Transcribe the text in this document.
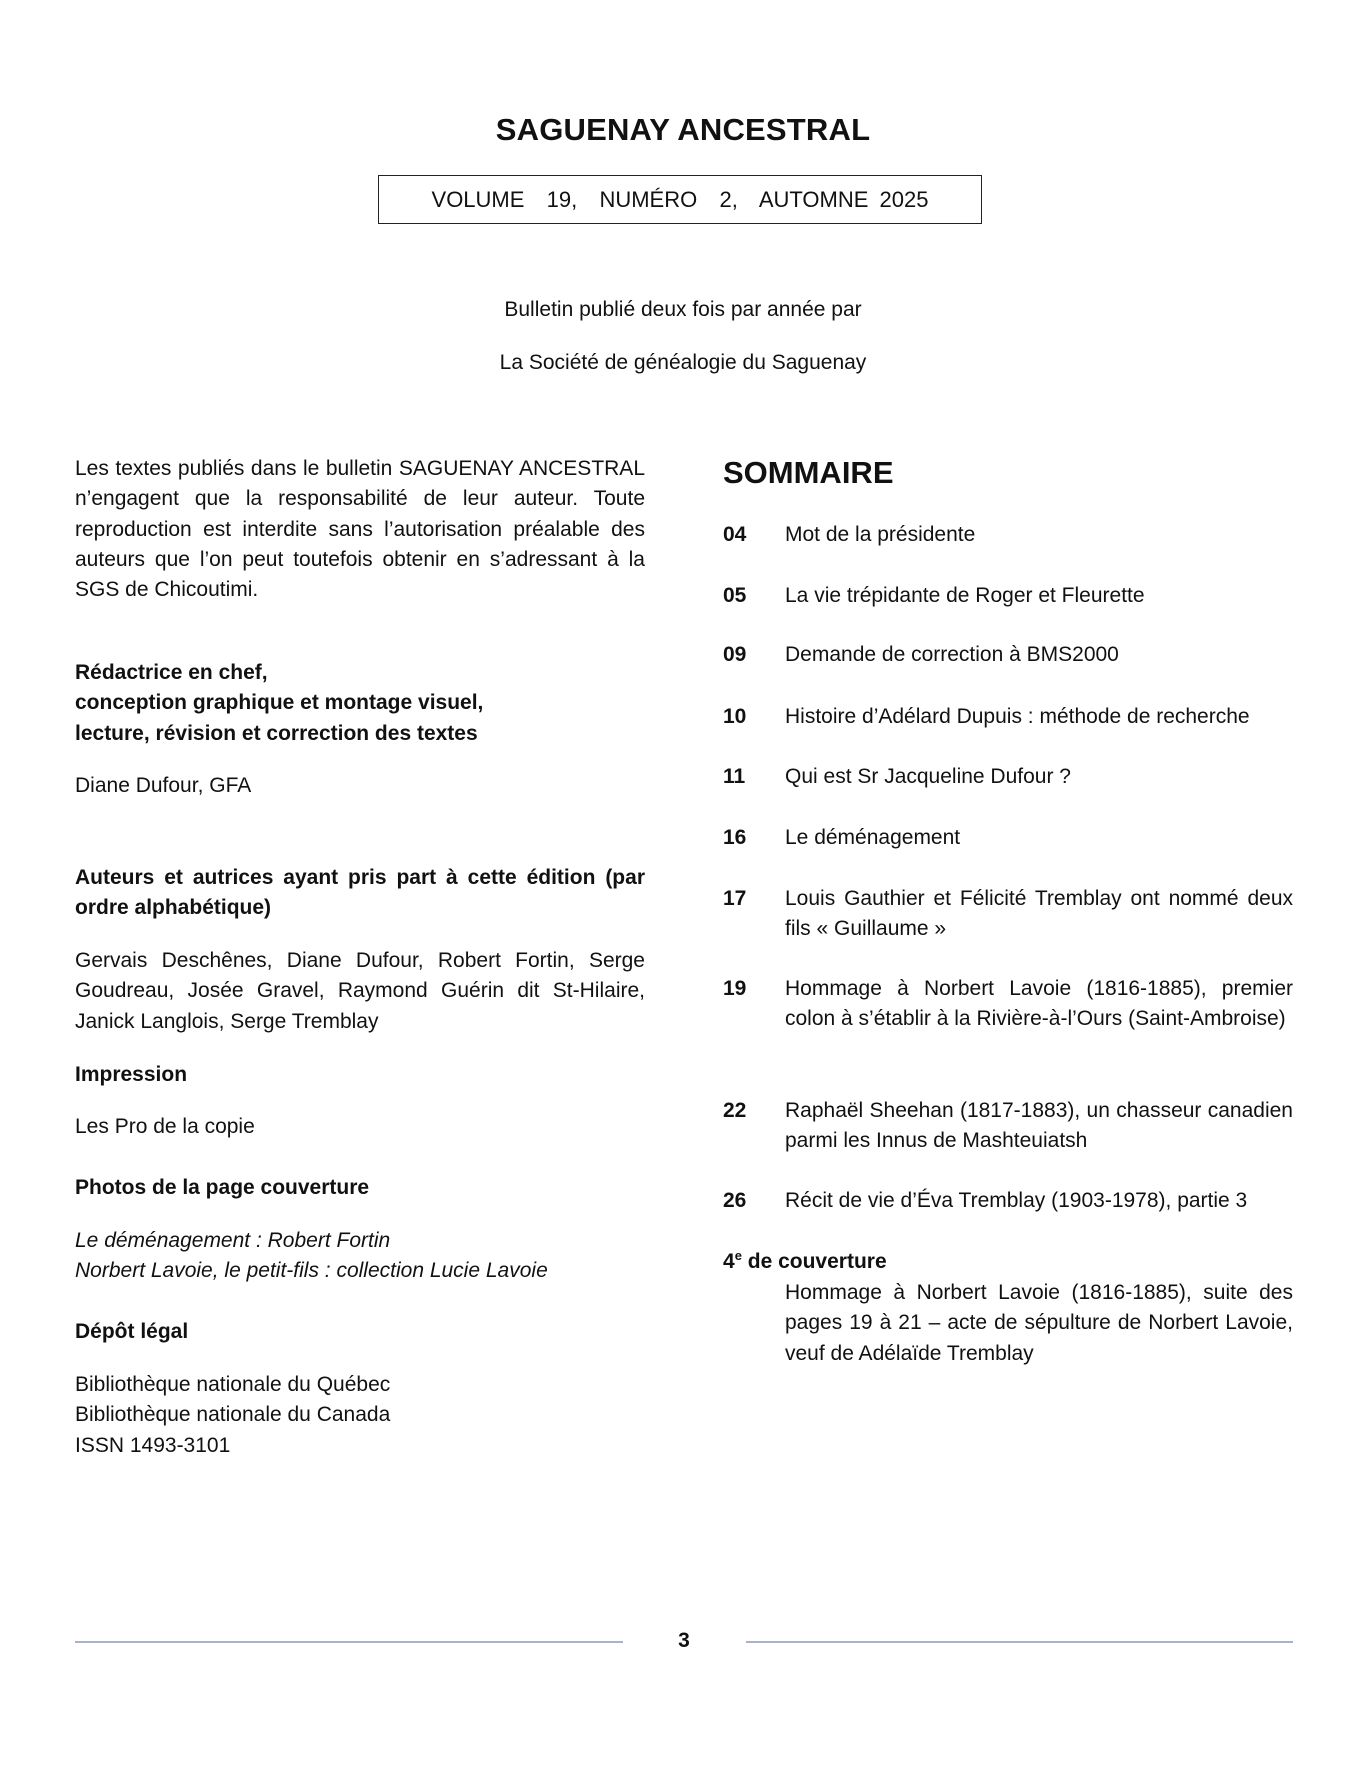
SAGUENAY ANCESTRAL
VOLUME  19,  NUMÉRO  2,  AUTOMNE 2025
Bulletin publié deux fois par année par
La Société de généalogie du Saguenay
Les textes publiés dans le bulletin SAGUENAY ANCESTRAL n’engagent que la responsabilité de leur auteur. Toute reproduction est interdite sans l’autorisation préalable des auteurs que l’on peut toutefois obtenir en s’adressant à la SGS de Chicoutimi.
Rédactrice en chef,
conception graphique et montage visuel,
lecture, révision et correction des textes
Diane Dufour, GFA
Auteurs et autrices ayant pris part à cette édition (par ordre alphabétique)
Gervais Deschênes, Diane Dufour, Robert Fortin, Serge Goudreau, Josée Gravel, Raymond Guérin dit St-Hilaire, Janick Langlois, Serge Tremblay
Impression
Les Pro de la copie
Photos de la page couverture
Le déménagement : Robert Fortin
Norbert Lavoie, le petit-fils : collection Lucie Lavoie
Dépôt légal
Bibliothèque nationale du Québec
Bibliothèque nationale du Canada
ISSN 1493-3101
SOMMAIRE
04 Mot de la présidente
05 La vie trépidante de Roger et Fleurette
09 Demande de correction à BMS2000
10 Histoire d’Adélard Dupuis : méthode de recherche
11 Qui est Sr Jacqueline Dufour ?
16 Le déménagement
17 Louis Gauthier et Félicité Tremblay ont nommé deux fils « Guillaume »
19 Hommage à Norbert Lavoie (1816-1885), premier colon à s’établir à la Rivière-à-l’Ours (Saint-Ambroise)
22 Raphaël Sheehan (1817-1883), un chasseur canadien parmi les Innus de Mashteuiatsh
26 Récit de vie d’Éva Tremblay (1903-1978), partie 3
4e de couverture
Hommage à Norbert Lavoie (1816-1885), suite des pages 19 à 21 – acte de sépulture de Norbert Lavoie, veuf de Adélaïde Tremblay
3
